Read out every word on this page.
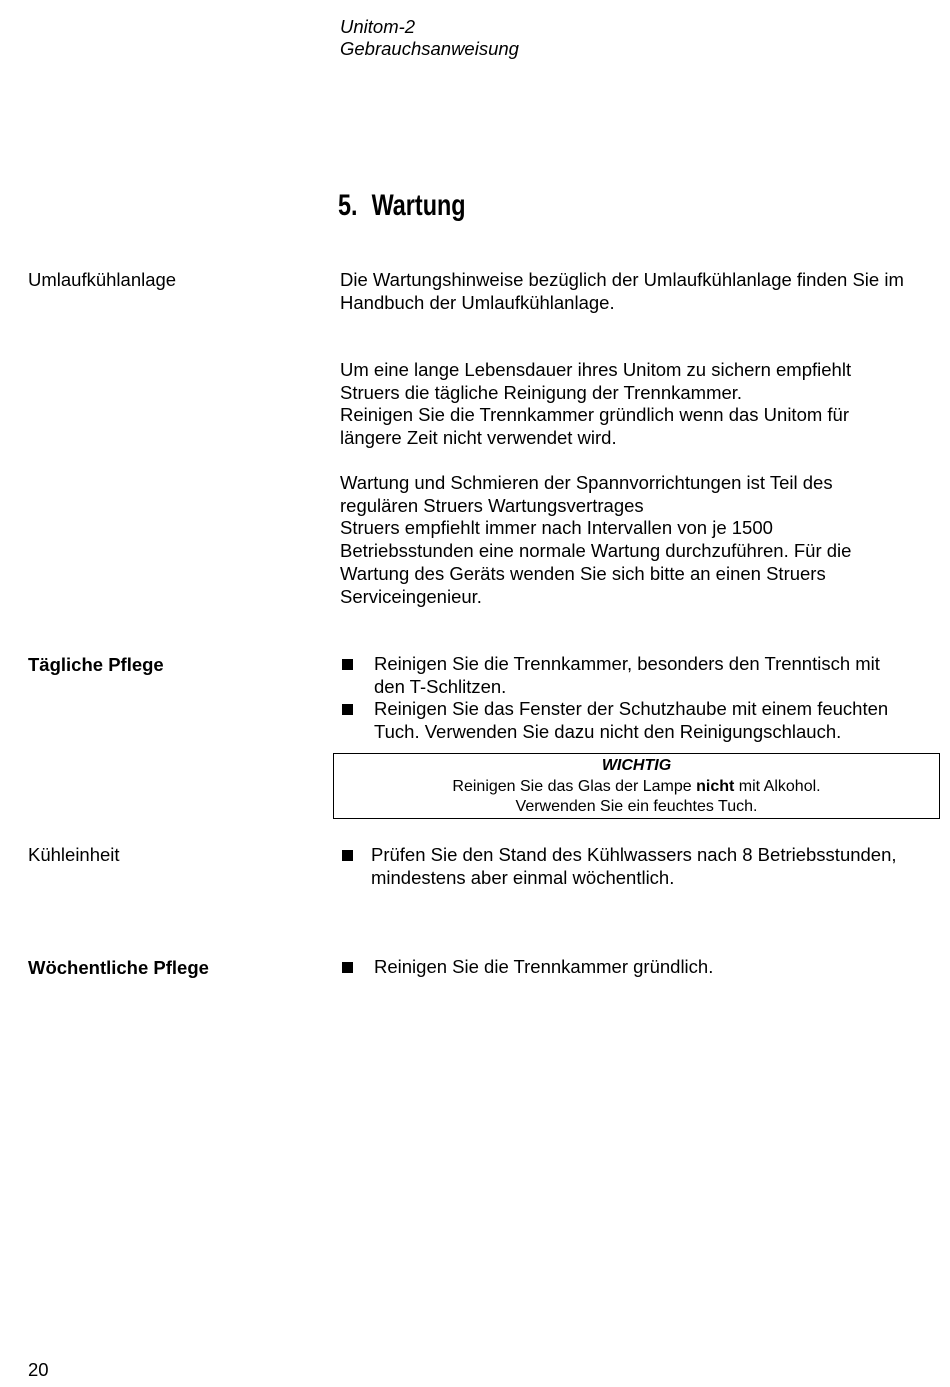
Unitom-2
Gebrauchsanweisung
5. Wartung
Umlaufkühlanlage	Die Wartungshinweise bezüglich der Umlaufkühlanlage finden Sie im

Handbuch der Umlaufkühlanlage.

Um eine lange Lebensdauer ihres Unitom zu sichern empfiehlt

Struers die tägliche Reinigung der Trennkammer.

Reinigen Sie die Trennkammer gründlich wenn das Unitom für

längere Zeit nicht verwendet wird.

Wartung und Schmieren der Spannvorrichtungen ist Teil des

regulären Struers Wartungsvertrages

Struers empfiehlt immer nach Intervallen von je 1500

Betriebsstunden eine normale Wartung durchzuführen. Für die

Wartung des Geräts wenden Sie sich bitte an einen Struers

Serviceingenieur.

Tägliche Pflege	Reinigen Sie die Trennkammer, besonders den Trenntisch mit
den T-Schlitzen.
Reinigen Sie das Fenster der Schutzhaube mit einem feuchten
Tuch. Verwenden Sie dazu nicht den Reinigungschlauch.
WICHTIG
Reinigen Sie das Glas der Lampe nicht mit Alkohol.
Verwenden Sie ein feuchtes Tuch.
Kühleinheit	Prüfen Sie den Stand des Kühlwassers nach 8 Betriebsstunden,
mindestens aber einmal wöchentlich.
Wöchentliche Pflege	Reinigen Sie die Trennkammer gründlich.
20
